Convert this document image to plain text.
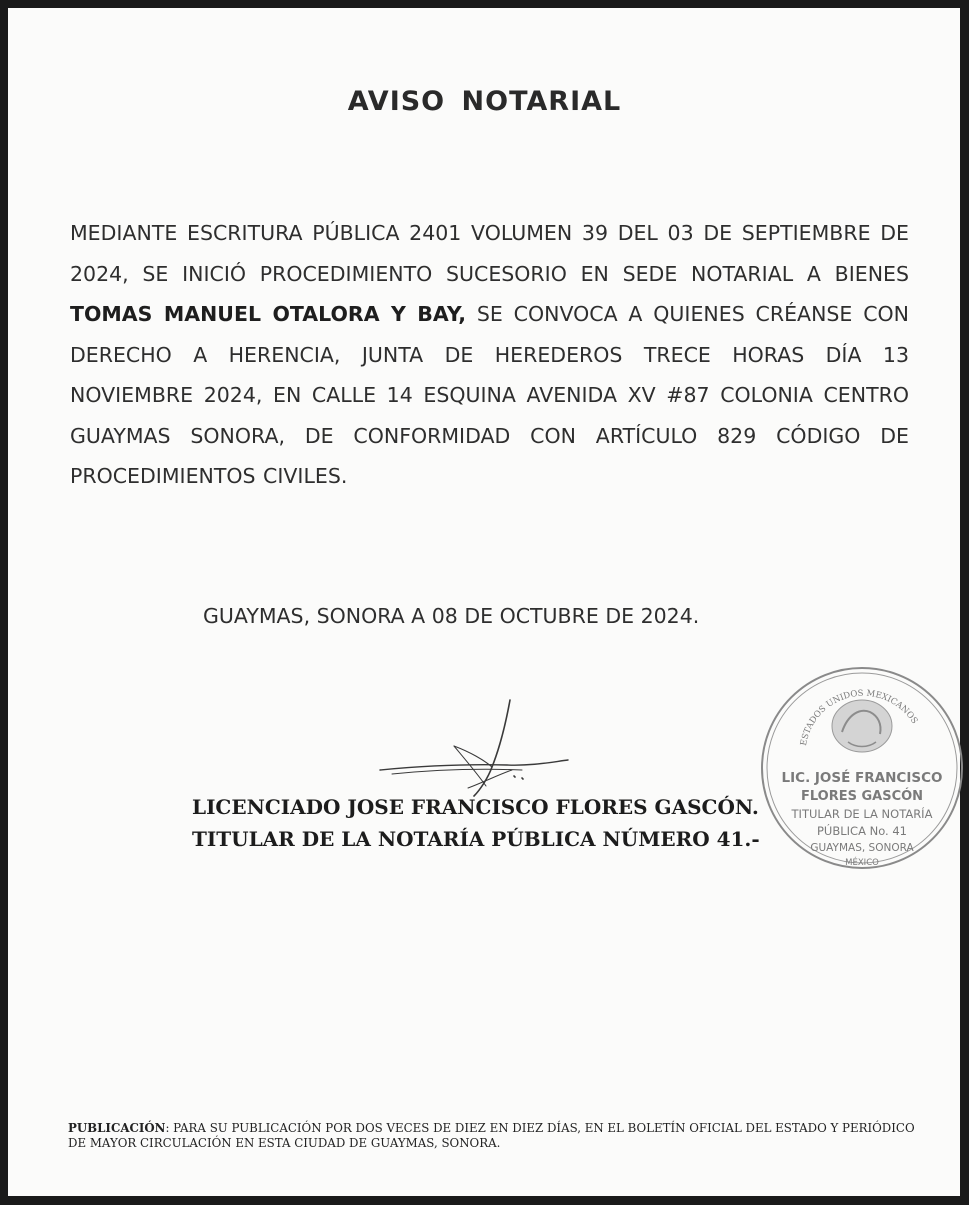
AVISO NOTARIAL

MEDIANTE ESCRITURA PÚBLICA 2401 VOLUMEN 39 DEL 03 DE SEPTIEMBRE DE 2024, SE INICIÓ PROCEDIMIENTO SUCESORIO EN SEDE NOTARIAL A BIENES TOMAS MANUEL OTALORA Y BAY, SE CONVOCA A QUIENES CRÉANSE CON DERECHO A HERENCIA, JUNTA DE HEREDEROS TRECE HORAS DÍA 13 NOVIEMBRE 2024, EN CALLE 14 ESQUINA AVENIDA XV #87 COLONIA CENTRO GUAYMAS SONORA, DE CONFORMIDAD CON ARTÍCULO 829 CÓDIGO DE PROCEDIMIENTOS CIVILES.

GUAYMAS, SONORA A 08 DE OCTUBRE DE 2024.

LICENCIADO JOSE FRANCISCO FLORES GASCÓN.
TITULAR DE LA NOTARÍA PÚBLICA NÚMERO 41.-
ESTADOS UNIDOS MEXICANOS
LIC. JOSÉ FRANCISCO
FLORES GASCÓN
TITULAR DE LA NOTARÍA
PÚBLICA No. 41
GUAYMAS, SONORA
MÉXICO

PUBLICACIÓN: PARA SU PUBLICACIÓN POR DOS VECES DE DIEZ EN DIEZ DÍAS, EN EL BOLETÍN OFICIAL DEL ESTADO Y PERIÓDICO DE MAYOR CIRCULACIÓN EN ESTA CIUDAD DE GUAYMAS, SONORA.
